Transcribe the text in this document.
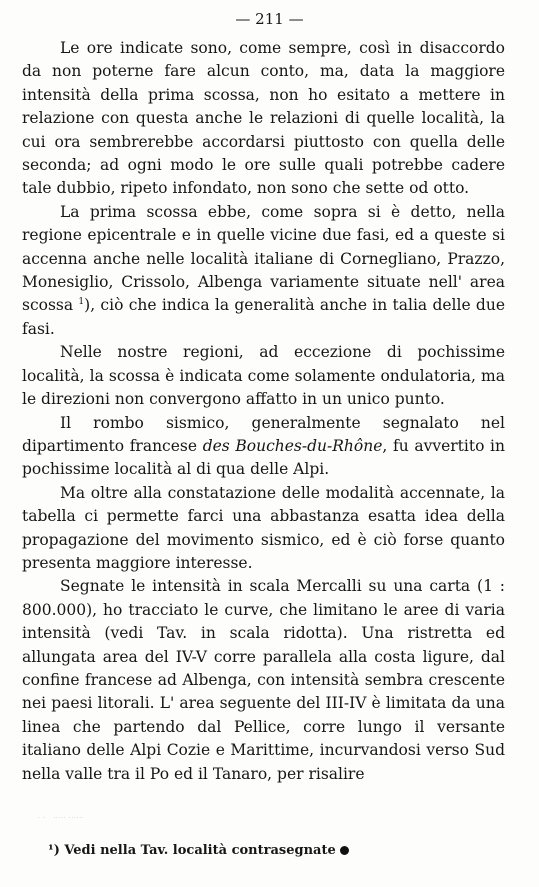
— 211 —

Le ore indicate sono, come sempre, così in disaccordo da non poterne fare alcun conto, ma, data la maggiore intensità della prima scossa, non ho esitato a mettere in relazione con questa anche le relazioni di quelle località, la cui ora sembrerebbe accordarsi piuttosto con quella delle seconda; ad ogni modo le ore sulle quali potrebbe cadere tale dubbio, ripeto infondato, non sono che sette od otto.

La prima scossa ebbe, come sopra si è detto, nella regione epicentrale e in quelle vicine due fasi, ed a queste si accenna anche nelle località italiane di Cornegliano, Prazzo, Monesiglio, Crissolo, Albenga variamente situate nell' area scossa $^1$), ciò che indica la generalità anche in talia delle due fasi.

Nelle nostre regioni, ad eccezione di pochissime località, la scossa è indicata come solamente ondulatoria, ma le direzioni non convergono affatto in un unico punto.

Il rombo sismico, generalmente segnalato nel dipartimento francese des Bouches-du-Rhône, fu avvertito in pochissime località al di qua delle Alpi.

Ma oltre alla constatazione delle modalità accennate, la tabella ci permette farci una abbastanza esatta idea della propagazione del movimento sismico, ed è ciò forse quanto presenta maggiore interesse.

Segnate le intensità in scala Mercalli su una carta (1 : 800.000), ho tracciato le curve, che limitano le aree di varia intensità (vedi Tav. in scala ridotta). Una ristretta ed allungata area del IV-V corre parallela alla costa ligure, dal confine francese ad Albenga, con intensità sembra crescente nei paesi litorali. L' area seguente del III-IV è limitata da una linea che partendo dal Pellice, corre lungo il versante italiano delle Alpi Cozie e Marittime, incurvandosi verso Sud nella valle tra il Po ed il Tanaro, per risalire

· ·   ····· ······
¹) Vedi nella Tav. località contrasegnate
